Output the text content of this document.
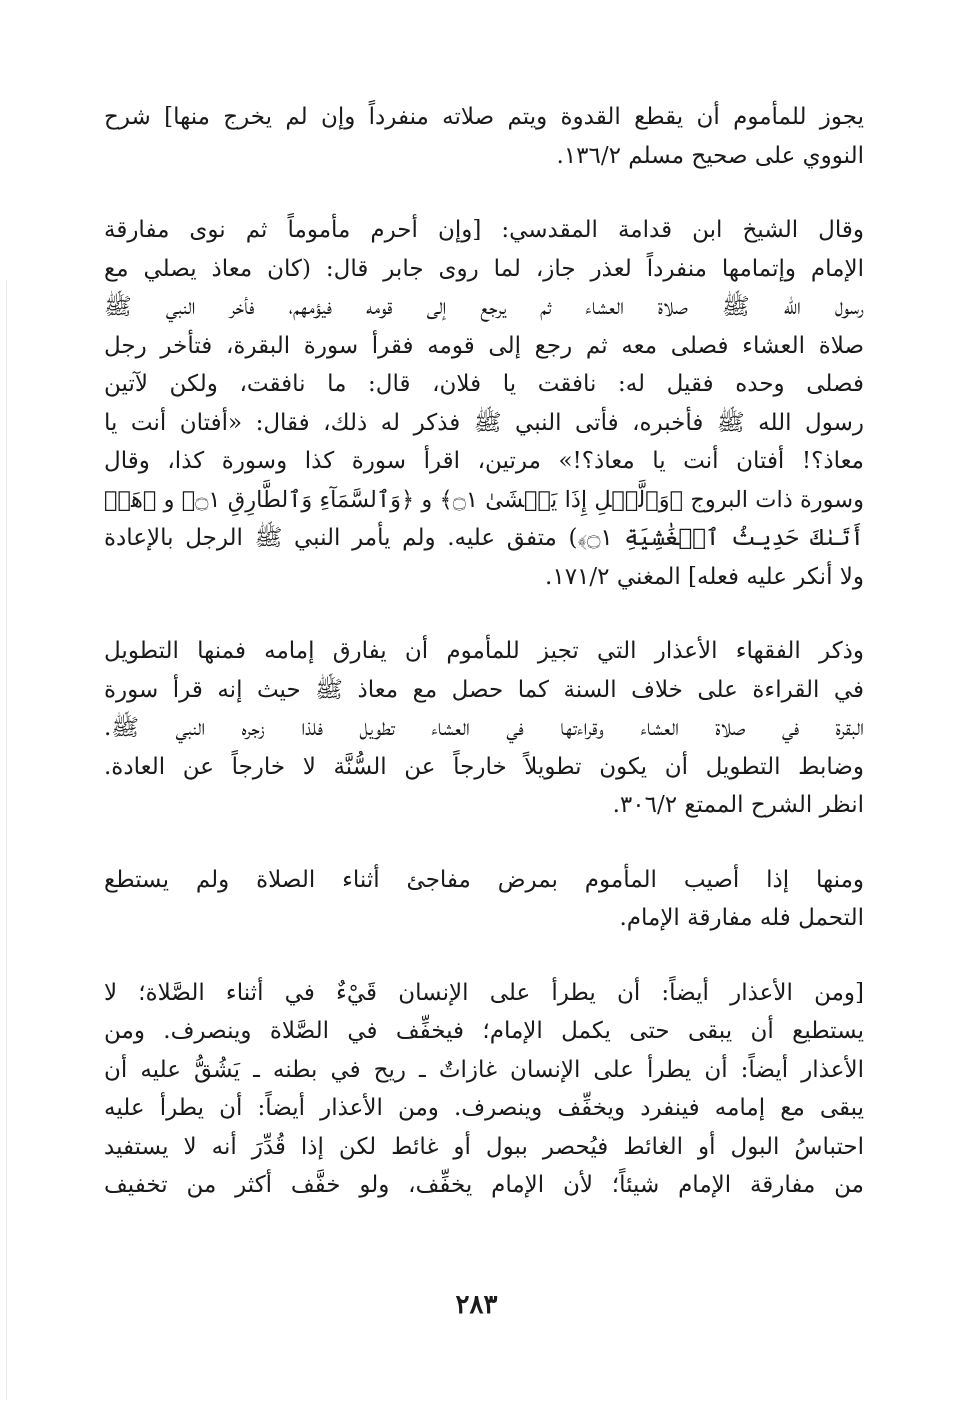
يجوز للمأموم أن يقطع القدوة ويتم صلاته منفرداً وإن لم يخرج منها] شرح
النووي على صحيح مسلم ١٣٦/٢.

وقال الشيخ ابن قدامة المقدسي: [وإن أحرم مأموماً ثم نوى مفارقة
الإمام وإتمامها منفرداً لعذر جاز، لما روى جابر قال: (كان معاذ يصلي مع
رسول الله ﷺ صلاة العشاء ثم يرجع إلى قومه فيؤمهم، فأخر النبي ﷺ
صلاة العشاء فصلى معه ثم رجع إلى قومه فقرأ سورة البقرة، فتأخر رجل
فصلى وحده فقيل له: نافقت يا فلان، قال: ما نافقت، ولكن لآتين
رسول الله ﷺ فأخبره، فأتى النبي ﷺ فذكر له ذلك، فقال: «أفتان أنت يا
معاذ؟! أفتان أنت يا معاذ؟!» مرتين، اقرأ سورة كذا وسورة كذا، وقال
وسورة ذات البروج ﴿وَٱلَّيۡلِ إِذَا يَغۡشَىٰ ۝١﴾ و ﴿وَٱلسَّمَآءِ وَٱلطَّارِقِ ۝١﴾ و ﴿هَلۡ
أَتَىٰكَ حَدِيثُ ٱلۡغَٰشِيَةِ ۝١﴾) متفق عليه. ولم يأمر النبي ﷺ الرجل بالإعادة
ولا أنكر عليه فعله] المغني ١٧١/٢.

وذكر الفقهاء الأعذار التي تجيز للمأموم أن يفارق إمامه فمنها التطويل
في القراءة على خلاف السنة كما حصل مع معاذ ﷺ حيث إنه قرأ سورة
البقرة في صلاة العشاء وقراءتها في العشاء تطويل فلذا زجره النبي ﷺ.
وضابط التطويل أن يكون تطويلاً خارجاً عن السُّنَّة لا خارجاً عن العادة.
انظر الشرح الممتع ٣٠٦/٢.

ومنها إذا أصيب المأموم بمرض مفاجئ أثناء الصلاة ولم يستطع
التحمل فله مفارقة الإمام.

[ومن الأعذار أيضاً: أن يطرأ على الإنسان قَيْءٌ في أثناء الصَّلاة؛ لا
يستطيع أن يبقى حتى يكمل الإمام؛ فيخفِّف في الصَّلاة وينصرف. ومن
الأعذار أيضاً: أن يطرأ على الإنسان غازاتٌ ـ ريح في بطنه ـ يَشُقُّ عليه أن
يبقى مع إمامه فينفرد ويخفِّف وينصرف. ومن الأعذار أيضاً: أن يطرأ عليه
احتباسُ البول أو الغائط فيُحصر ببول أو غائط لكن إذا قُدِّرَ أنه لا يستفيد
من مفارقة الإمام شيئاً؛ لأن الإمام يخفِّف، ولو خفَّف أكثر من تخفيف

٢٨٣
